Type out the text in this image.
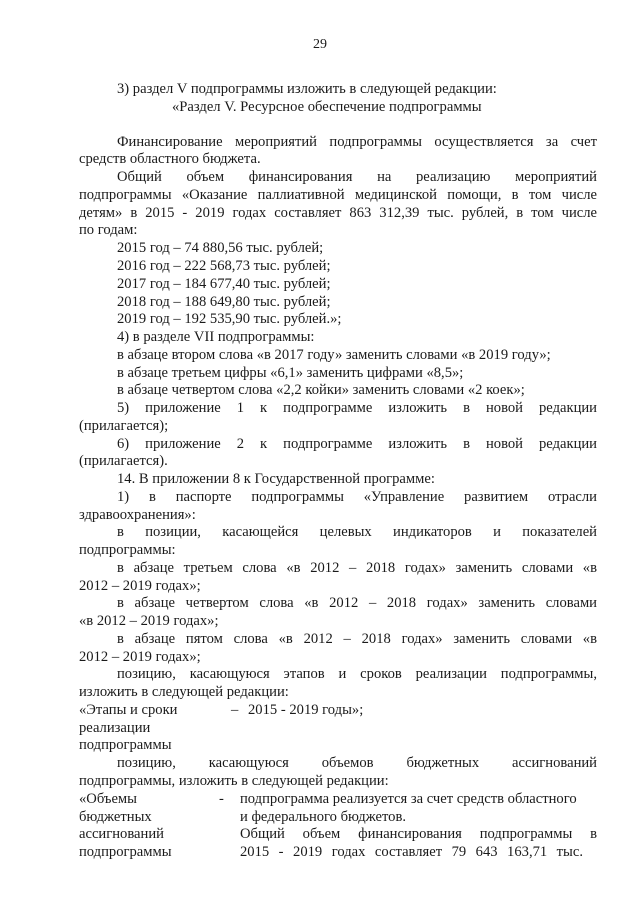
29
3) раздел V подпрограммы изложить в следующей редакции:
«Раздел V. Ресурсное обеспечение подпрограммы
Финансирование мероприятий подпрограммы осуществляется за счет
средств областного бюджета.
Общий объем финансирования на реализацию мероприятий
подпрограммы «Оказание паллиативной медицинской помощи, в том числе
детям» в 2015 - 2019 годах составляет 863 312,39 тыс. рублей, в том числе
по годам:
2015 год – 74 880,56 тыс. рублей;
2016 год – 222 568,73 тыс. рублей;
2017 год – 184 677,40 тыс. рублей;
2018 год – 188 649,80 тыс. рублей;
2019 год – 192 535,90 тыс. рублей.»;
4) в разделе VII подпрограммы:
в абзаце втором слова «в 2017 году» заменить словами «в 2019 году»;
в абзаце третьем цифры «6,1» заменить цифрами «8,5»;
в абзаце четвертом слова «2,2 койки» заменить словами «2 коек»;
5) приложение 1 к подпрограмме изложить в новой редакции
(прилагается);
6) приложение 2 к подпрограмме изложить в новой редакции
(прилагается).
14. В приложении 8 к Государственной программе:
1) в паспорте подпрограммы «Управление развитием отрасли
здравоохранения»:
в позиции, касающейся целевых индикаторов и показателей
подпрограммы:
в абзаце третьем слова «в 2012 – 2018 годах» заменить словами «в
2012 – 2019 годах»;
в абзаце четвертом слова «в 2012 – 2018 годах» заменить словами
«в 2012 – 2019 годах»;
в абзаце пятом слова «в 2012 – 2018 годах» заменить словами «в
2012 – 2019 годах»;
позицию, касающуюся этапов и сроков реализации подпрограммы,
изложить в следующей редакции:
«Этапы и сроки	– 2015 - 2019 годы»;
реализации
подпрограммы
позицию, касающуюся объемов бюджетных ассигнований
подпрограммы, изложить в следующей редакции:
«Объемы	- подпрограмма реализуется за счет средств областного
бюджетных	и федерального бюджетов.
ассигнований	Общий объем финансирования подпрограммы в
подпрограммы	2015 - 2019 годах составляет 79 643 163,71 тыс.
